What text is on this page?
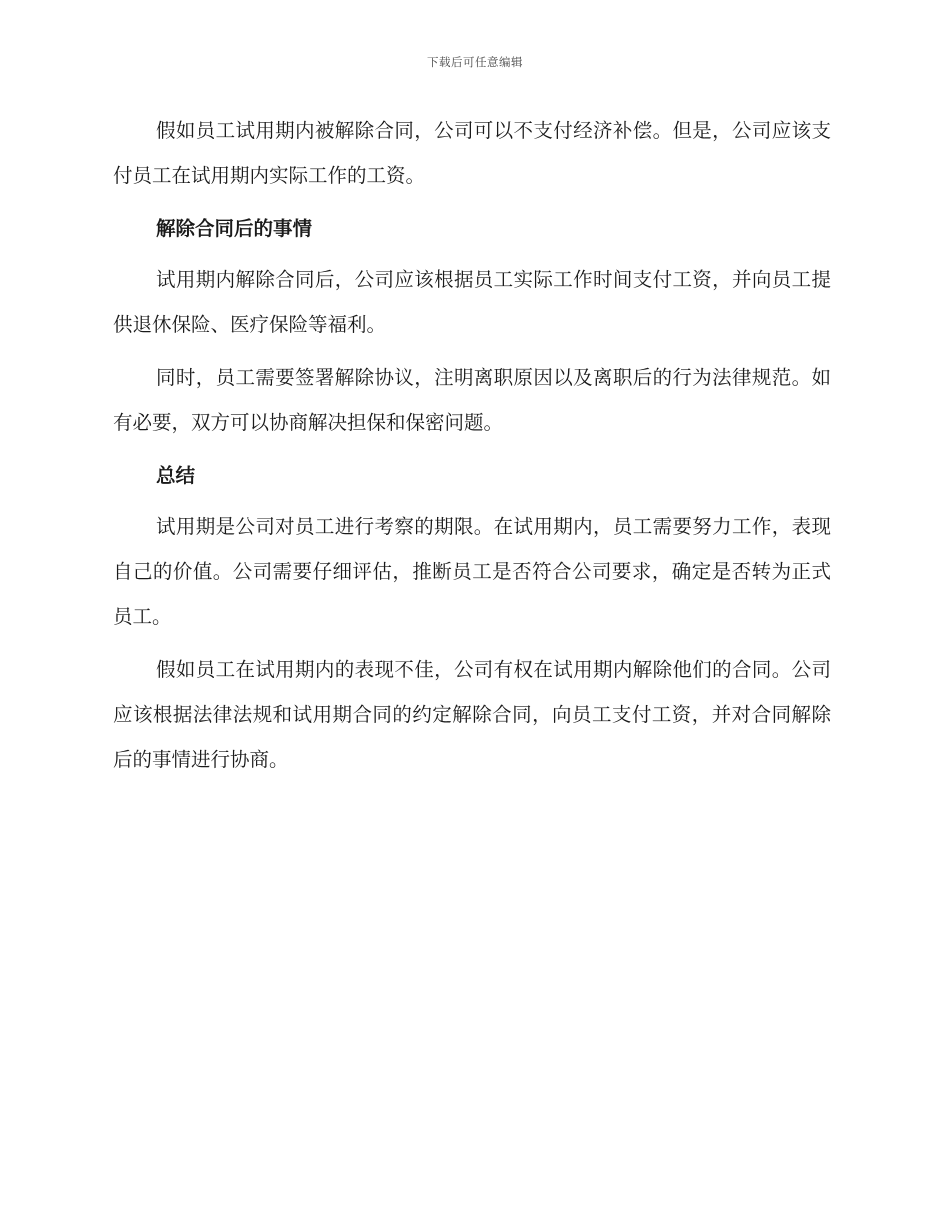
下载后可任意编辑

假如员工试用期内被解除合同，公司可以不支付经济补偿。但是，公司应该支付员工在试用期内实际工作的工资。

解除合同后的事情

试用期内解除合同后，公司应该根据员工实际工作时间支付工资，并向员工提供退休保险、医疗保险等福利。

同时，员工需要签署解除协议，注明离职原因以及离职后的行为法律规范。如有必要，双方可以协商解决担保和保密问题。

总结

试用期是公司对员工进行考察的期限。在试用期内，员工需要努力工作，表现自己的价值。公司需要仔细评估，推断员工是否符合公司要求，确定是否转为正式员工。

假如员工在试用期内的表现不佳，公司有权在试用期内解除他们的合同。公司应该根据法律法规和试用期合同的约定解除合同，向员工支付工资，并对合同解除后的事情进行协商。
